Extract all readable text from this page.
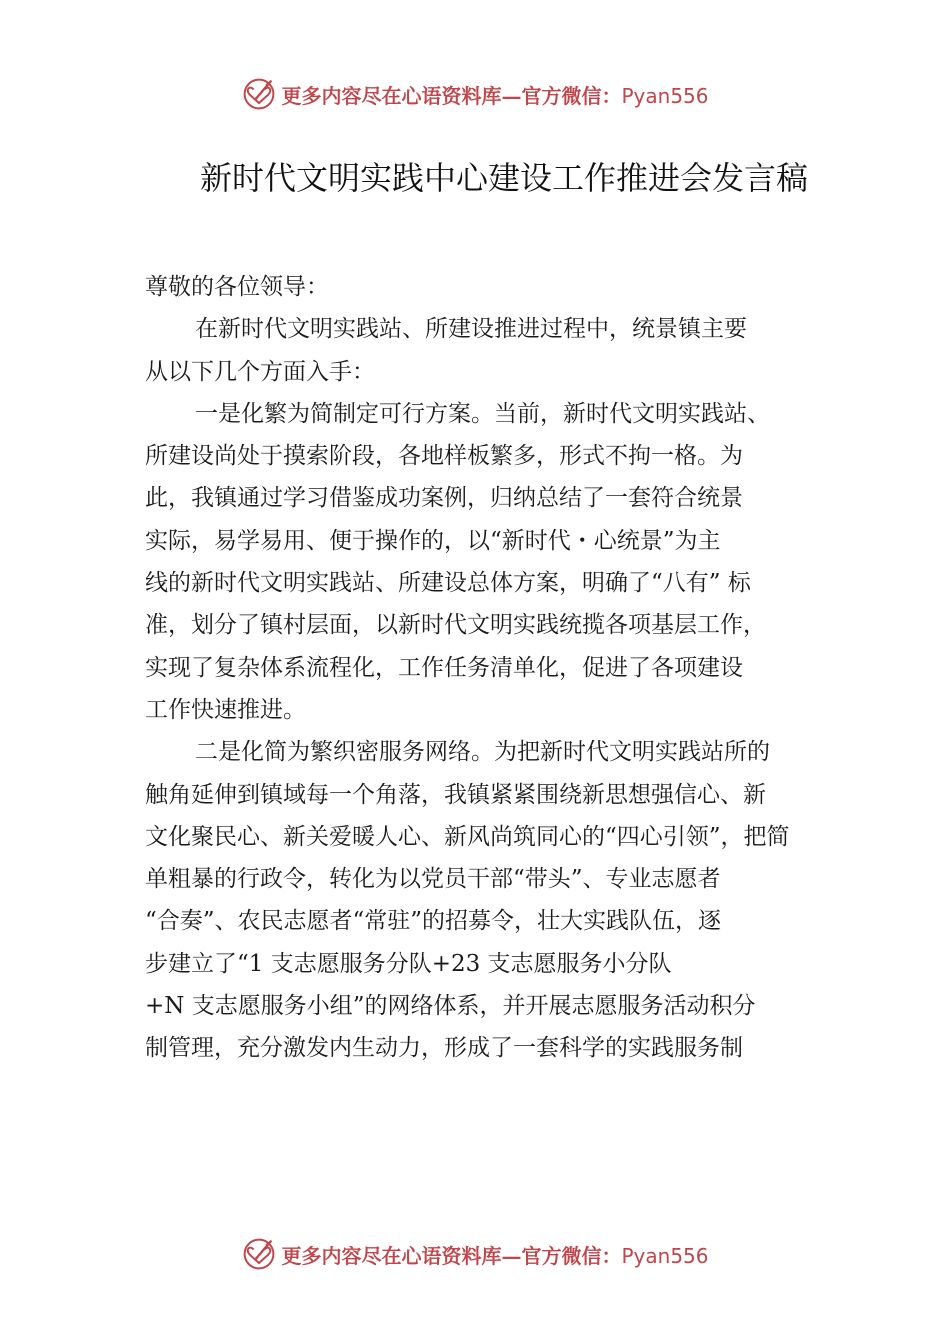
更多内容尽在心语资料库—官方微信：Pyan556
新时代文明实践中心建设工作推进会发言稿
尊敬的各位领导：
在新时代文明实践站、所建设推进过程中，统景镇主要
从以下几个方面入手：
一是化繁为简制定可行方案。当前，新时代文明实践站、
所建设尚处于摸索阶段，各地样板繁多，形式不拘一格。为
此，我镇通过学习借鉴成功案例，归纳总结了一套符合统景
实际，易学易用、便于操作的，以“新时代・心统景”为主
线的新时代文明实践站、所建设总体方案，明确了“八有” 标
准，划分了镇村层面，以新时代文明实践统揽各项基层工作，
实现了复杂体系流程化，工作任务清单化，促进了各项建设
工作快速推进。
二是化简为繁织密服务网络。为把新时代文明实践站所的
触角延伸到镇域每一个角落，我镇紧紧围绕新思想强信心、新
文化聚民心、新关爱暖人心、新风尚筑同心的“四心引领”，把简
单粗暴的行政令，转化为以党员干部“带头”、专业志愿者
“合奏”、农民志愿者“常驻”的招募令，壮大实践队伍，逐
步建立了“1 支志愿服务分队+23 支志愿服务小分队
+N 支志愿服务小组”的网络体系，并开展志愿服务活动积分
制管理，充分激发内生动力，形成了一套科学的实践服务制
更多内容尽在心语资料库—官方微信：Pyan556
